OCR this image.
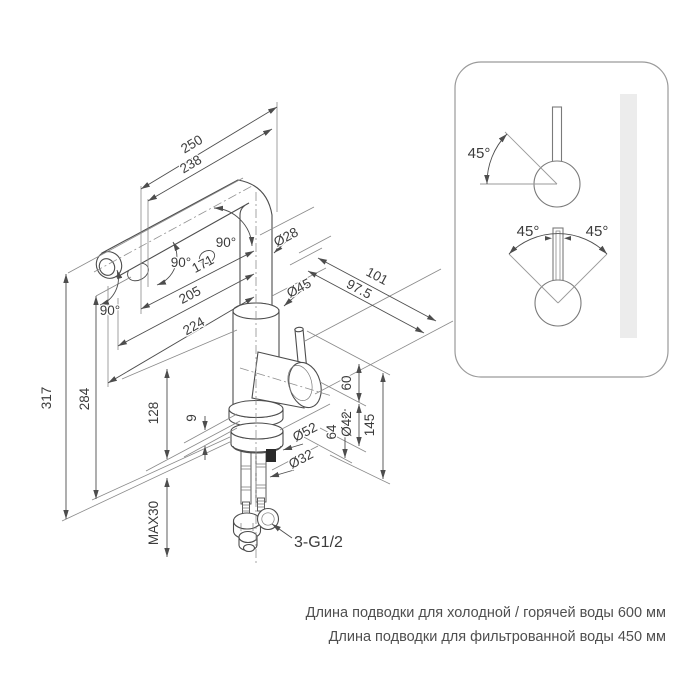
250
238
90°
90°
90°
171
205
224
Ø28
Ø45	101
97.5
317 284
128
MAX30
9
Ø52
Ø32
64 Ø42 145
60
3-G1/2
45°
45°	45°
Длина подводки для холодной / горячей воды 600 мм
Длина подводки для фильтрованной воды 450 мм
